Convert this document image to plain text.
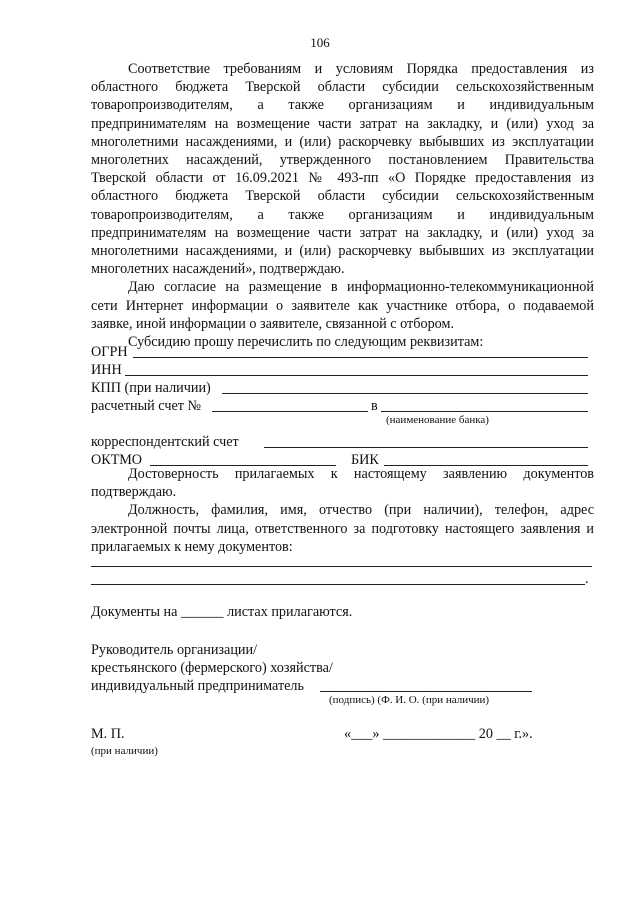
106

Соответствие требованиям и условиям Порядка предоставления из областного бюджета Тверской области субсидии сельскохозяйственным товаропроизводителям, а также организациям и индивидуальным предпринимателям на возмещение части затрат на закладку, и (или) уход за многолетними насаждениями, и (или) раскорчевку выбывших из эксплуатации многолетних насаждений, утвержденного постановлением Правительства Тверской области от 16.09.2021 № 493-пп «О Порядке предоставления из областного бюджета Тверской области субсидии сельскохозяйственным товаропроизводителям, а также организациям и индивидуальным предпринимателям на возмещение части затрат на закладку, и (или) уход за многолетними насаждениями, и (или) раскорчевку выбывших из эксплуатации многолетних насаждений», подтверждаю.

Даю согласие на размещение в информационно-телекоммуникационной сети Интернет информации о заявителе как участнике отбора, о подаваемой заявке, иной информации о заявителе, связанной с отбором.

Субсидию прошу перечислить по следующим реквизитам:

ОГРН
ИНН
КПП (при наличии)
расчетный счет №	в
(наименование банка)
корреспондентский счет
ОКТМО	БИК

Достоверность прилагаемых к настоящему заявлению документов подтверждаю.

Должность, фамилия, имя, отчество (при наличии), телефон, адрес электронной почты лица, ответственного за подготовку настоящего заявления и прилагаемых к нему документов:

.
Документы на ______ листах прилагаются.
Руководитель организации/
крестьянского (фермерского) хозяйства/
индивидуальный предприниматель
(подпись) (Ф. И. О. (при наличии)
М. П.
(при наличии)
«___» _____________ 20 __ г.».
